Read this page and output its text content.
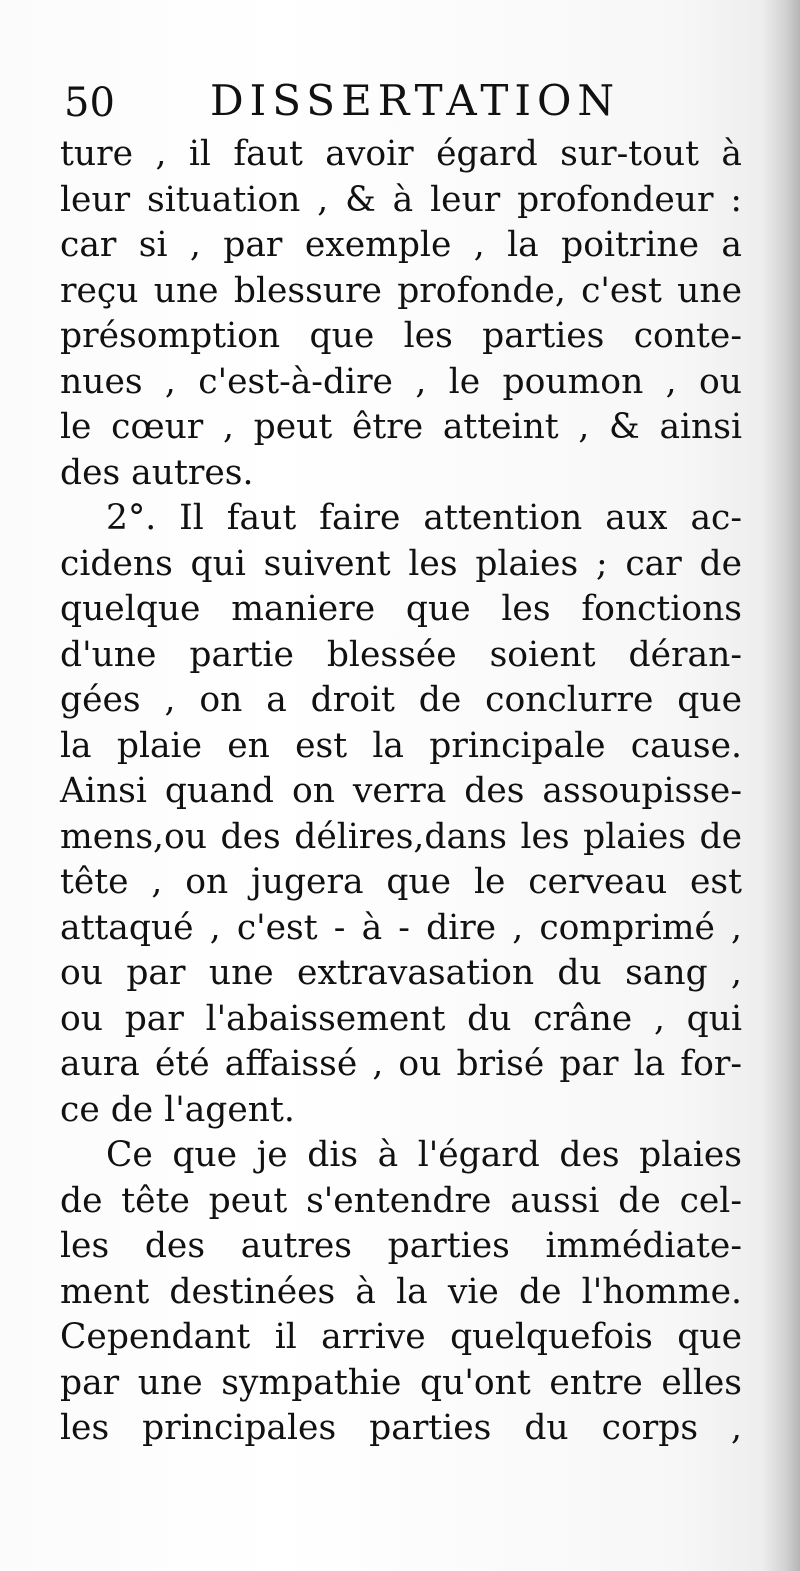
50 DISSERTATION
ture , il faut avoir égard sur-tout à
leur situation , & à leur profondeur :
car si , par exemple , la poitrine a
reçu une blessure profonde, c'est une
présomption que les parties conte-
nues , c'est-à-dire , le poumon , ou
le cœur , peut être atteint , & ainsi
des autres.
2°. Il faut faire attention aux ac-
cidens qui suivent les plaies ; car de
quelque maniere que les fonctions
d'une partie blessée soient déran-
gées , on a droit de conclurre que
la plaie en est la principale cause.
Ainsi quand on verra des assoupisse-
mens,ou des délires,dans les plaies de
tête , on jugera que le cerveau est
attaqué , c'est - à - dire , comprimé ,
ou par une extravasation du sang ,
ou par l'abaissement du crâne , qui
aura été affaissé , ou brisé par la for-
ce de l'agent.
Ce que je dis à l'égard des plaies
de tête peut s'entendre aussi de cel-
les des autres parties immédiate-
ment destinées à la vie de l'homme.
Cependant il arrive quelquefois que
par une sympathie qu'ont entre elles
les principales parties du corps ,
